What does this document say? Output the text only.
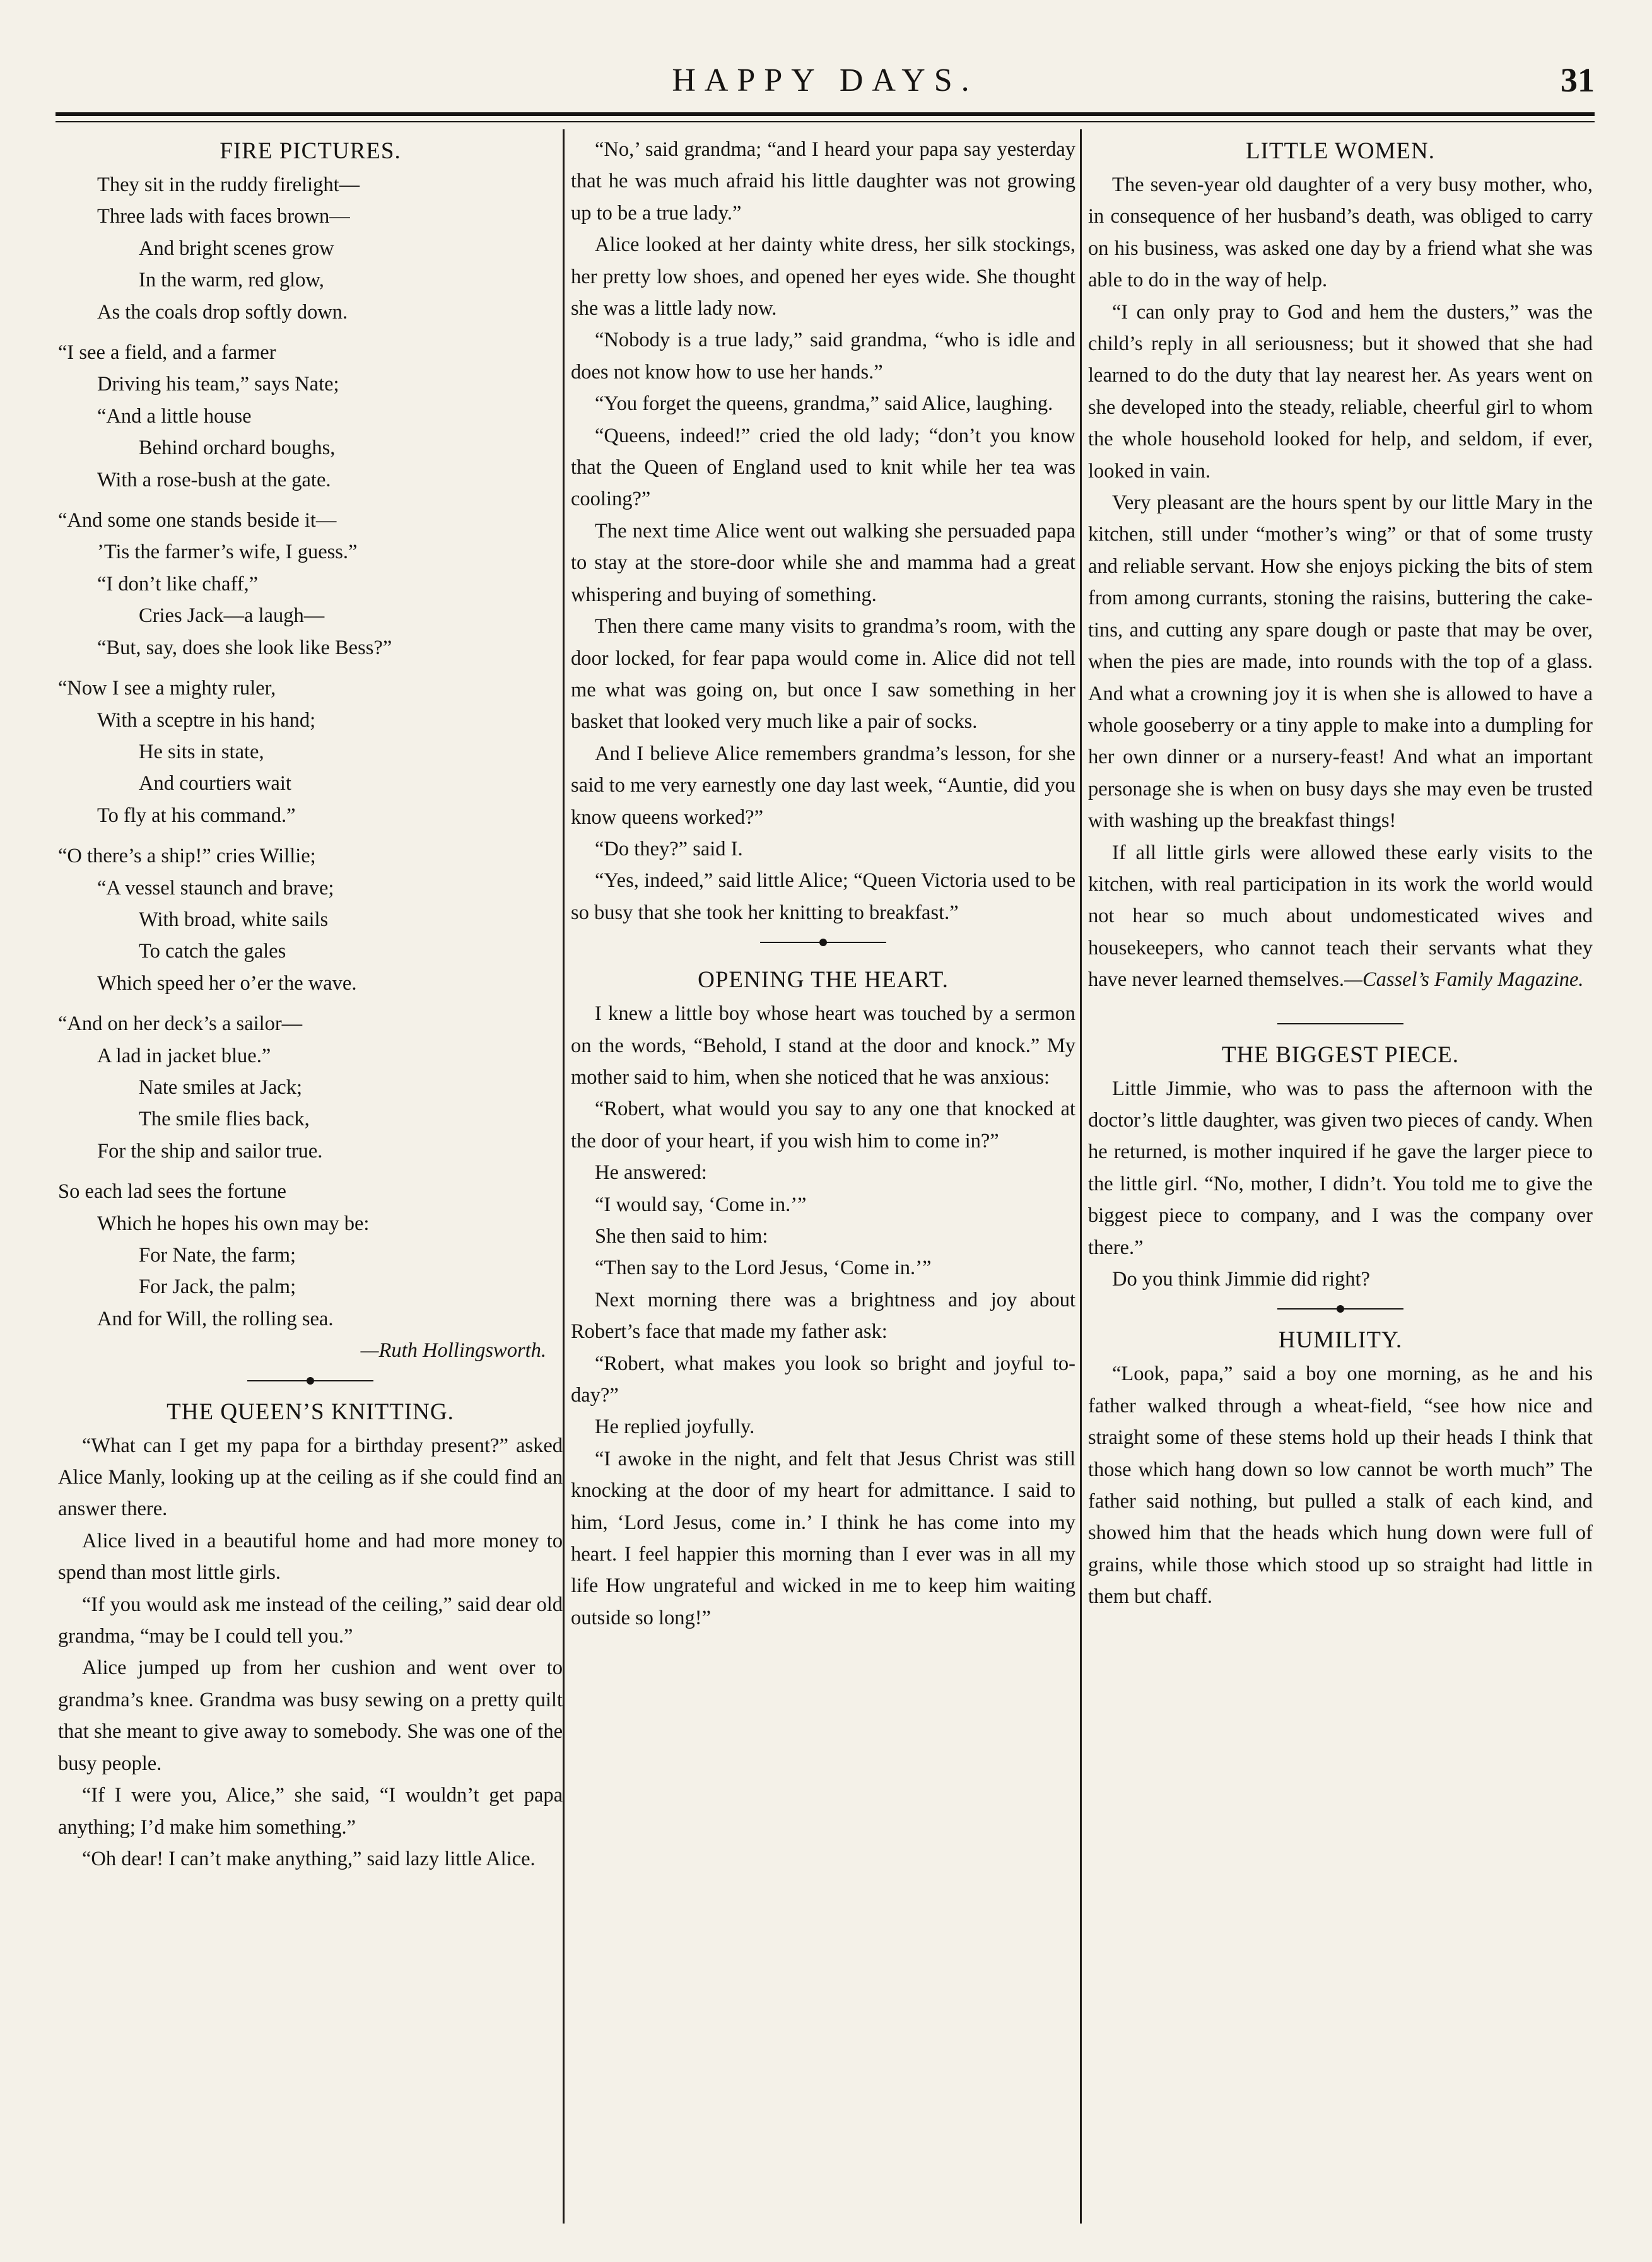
HAPPY DAYS.	31
FIRE PICTURES.
They sit in the ruddy firelight—
Three lads with faces brown—
And bright scenes grow
In the warm, red glow,
As the coals drop softly down.
“I see a field, and a farmer
Driving his team,” says Nate;
“And a little house
Behind orchard boughs,
With a rose-bush at the gate.
“And some one stands beside it—
’Tis the farmer’s wife, I guess.”
“I don’t like chaff,”
Cries Jack—a laugh—
“But, say, does she look like Bess?”
“Now I see a mighty ruler,
With a sceptre in his hand;
He sits in state,
And courtiers wait
To fly at his command.”
“O there’s a ship!” cries Willie;
“A vessel staunch and brave;
With broad, white sails
To catch the gales
Which speed her o’er the wave.
“And on her deck’s a sailor—
A lad in jacket blue.”
Nate smiles at Jack;
The smile flies back,
For the ship and sailor true.
So each lad sees the fortune
Which he hopes his own may be:
For Nate, the farm;
For Jack, the palm;
And for Will, the rolling sea.
—Ruth Hollingsworth.
THE QUEEN’S KNITTING.

“What can I get my papa for a birthday present?” asked Alice Manly, looking up at the ceiling as if she could find an answer there.

Alice lived in a beautiful home and had more money to spend than most little girls.

“If you would ask me instead of the ceiling,” said dear old grandma, “may be I could tell you.”

Alice jumped up from her cushion and went over to grandma’s knee. Grandma was busy sewing on a pretty quilt that she meant to give away to somebody. She was one of the busy people.

“If I were you, Alice,” she said, “I wouldn’t get papa anything; I’d make him something.”

“Oh dear! I can’t make anything,” said lazy little Alice.

“No,’ said grandma; “and I heard your papa say yesterday that he was much afraid his little daughter was not growing up to be a true lady.”

Alice looked at her dainty white dress, her silk stockings, her pretty low shoes, and opened her eyes wide. She thought she was a little lady now.

“Nobody is a true lady,” said grandma, “who is idle and does not know how to use her hands.”

“You forget the queens, grandma,” said Alice, laughing.

“Queens, indeed!” cried the old lady; “don’t you know that the Queen of England used to knit while her tea was cooling?”

The next time Alice went out walking she persuaded papa to stay at the store-door while she and mamma had a great whispering and buying of something.

Then there came many visits to grandma’s room, with the door locked, for fear papa would come in. Alice did not tell me what was going on, but once I saw something in her basket that looked very much like a pair of socks.

And I believe Alice remembers grandma’s lesson, for she said to me very earnestly one day last week, “Auntie, did you know queens worked?”

“Do they?” said I.

“Yes, indeed,” said little Alice; “Queen Victoria used to be so busy that she took her knitting to breakfast.”

OPENING THE HEART.

I knew a little boy whose heart was touched by a sermon on the words, “Behold, I stand at the door and knock.” My mother said to him, when she noticed that he was anxious:

“Robert, what would you say to any one that knocked at the door of your heart, if you wish him to come in?”

He answered:

“I would say, ‘Come in.’”

She then said to him:

“Then say to the Lord Jesus, ‘Come in.’”

Next morning there was a brightness and joy about Robert’s face that made my father ask:

“Robert, what makes you look so bright and joyful to-day?”

He replied joyfully.

“I awoke in the night, and felt that Jesus Christ was still knocking at the door of my heart for admittance. I said to him, ‘Lord Jesus, come in.’ I think he has come into my heart. I feel happier this morning than I ever was in all my life How ungrateful and wicked in me to keep him waiting outside so long!”

LITTLE WOMEN.

The seven-year old daughter of a very busy mother, who, in consequence of her husband’s death, was obliged to carry on his business, was asked one day by a friend what she was able to do in the way of help.

“I can only pray to God and hem the dusters,” was the child’s reply in all seriousness; but it showed that she had learned to do the duty that lay nearest her. As years went on she developed into the steady, reliable, cheerful girl to whom the whole household looked for help, and seldom, if ever, looked in vain.

Very pleasant are the hours spent by our little Mary in the kitchen, still under “mother’s wing” or that of some trusty and reliable servant. How she enjoys picking the bits of stem from among currants, stoning the raisins, buttering the cake-tins, and cutting any spare dough or paste that may be over, when the pies are made, into rounds with the top of a glass. And what a crowning joy it is when she is allowed to have a whole gooseberry or a tiny apple to make into a dumpling for her own dinner or a nursery-feast! And what an important personage she is when on busy days she may even be trusted with washing up the breakfast things!

If all little girls were allowed these early visits to the kitchen, with real participation in its work the world would not hear so much about undomesticated wives and housekeepers, who cannot teach their servants what they have never learned themselves.—Cassel’s Family Magazine.

THE BIGGEST PIECE.

Little Jimmie, who was to pass the afternoon with the doctor’s little daughter, was given two pieces of candy. When he returned, is mother inquired if he gave the larger piece to the little girl. “No, mother, I didn’t. You told me to give the biggest piece to company, and I was the company over there.”

Do you think Jimmie did right?

HUMILITY.

“Look, papa,” said a boy one morning, as he and his father walked through a wheat-field, “see how nice and straight some of these stems hold up their heads I think that those which hang down so low cannot be worth much” The father said nothing, but pulled a stalk of each kind, and showed him that the heads which hung down were full of grains, while those which stood up so straight had little in them but chaff.
